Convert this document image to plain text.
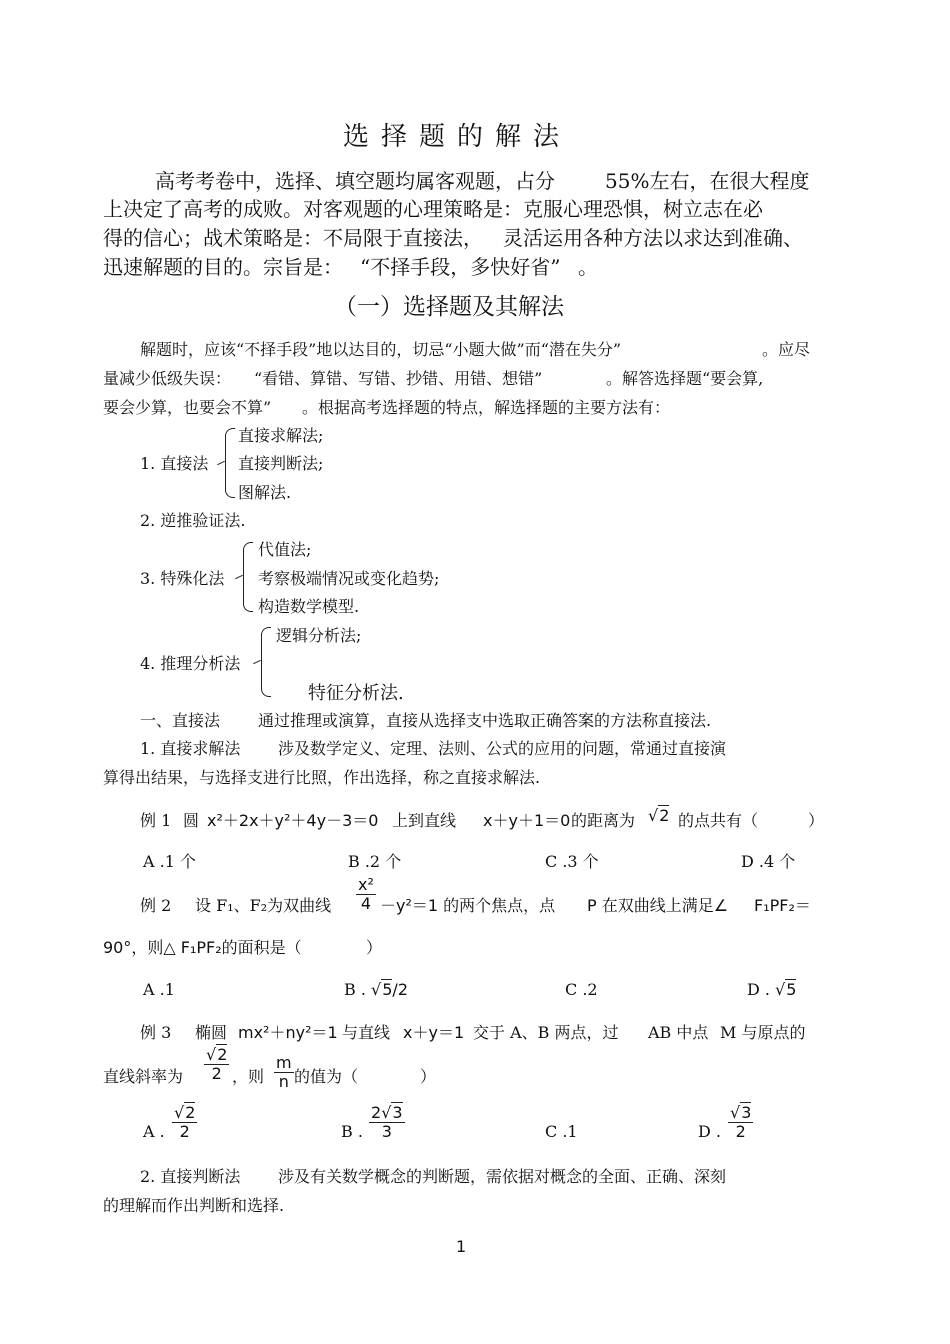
选择题的解法
高考考卷中，选择、填空题均属客观题，占分	55%左右，在很大程度
上决定了高考的成败。对客观题的心理策略是：克服心理恐惧，树立志在必
得的信心；战术策略是：不局限于直接法， 灵活运用各种方法以求达到准确、
迅速解题的目的。宗旨是： “不择手段，多快好省” 。
（一）选择题及其解法
解题时，应该“不择手段”地以达目的，切忌“小题大做”而“潜在失分”	。应尽
量减少低级失误： “看错、算错、写错、抄错、用错、想错”	。解答选择题“要会算,
要会少算，也要会不算” 。根据高考选择题的特点，解选择题的主要方法有：
1. 直接法
直接求解法;
直接判断法;
图解法.
2. 逆推验证法.
3. 特殊化法
代值法;
考察极端情况或变化趋势;
构造数学模型.
4. 推理分析法
逻辑分析法;
特征分析法.
一、直接法 通过推理或演算，直接从选择支中选取正确答案的方法称直接法.
1. 直接求解法 涉及数学定义、定理、法则、公式的应用的问题，常通过直接演
算得出结果，与选择支进行比照，作出选择，称之直接求解法.
例 1 圆 x²＋2x＋y²＋4y－3＝0 上到直线 x＋y＋1＝0 的距离为 √2 的点共有（	）
A .1 个	B .2 个	C .3 个	D .4 个
例 2 设 F₁、F₂为双曲线 $\frac{\text{x²}}{4} -y^2=1$ 的两个焦点，点 P 在双曲线上满足∠ F₁PF₂＝
90°，则△ F₁PF₂的面积是（	）
A .1	B . √5/2	C .2	D . √5
例 3 椭圆 mx²＋ny²＝1 与直线 x＋y＝1 交于 A、B 两点，过 AB 中点 M 与原点的
直线斜率为 $\frac{√2}{2}$ ，则 $\frac{m}{n}$ 的值为（	）
A . $\frac{√2}{2}$	B . $\frac{2√3}{3}$	C .1	D . $\frac{√3}{2}$
2. 直接判断法 涉及有关数学概念的判断题，需依据对概念的全面、正确、深刻
的理解而作出判断和选择.
1
